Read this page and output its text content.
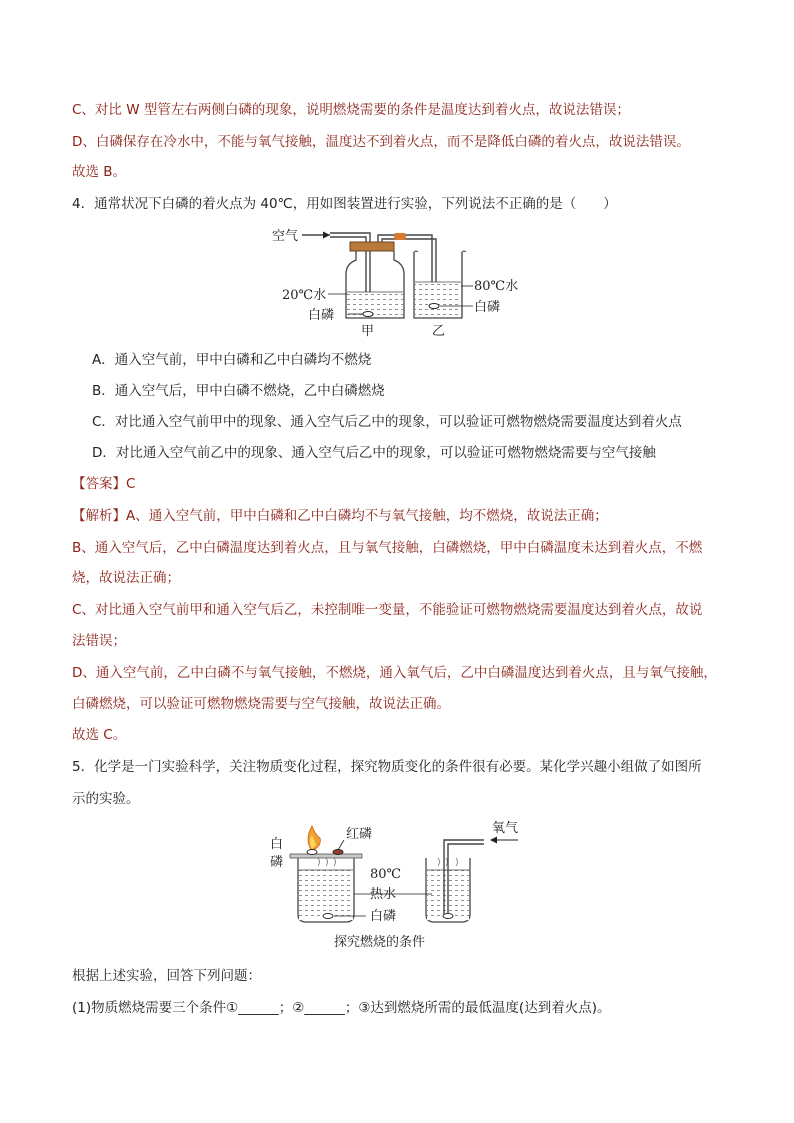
C、对比 W 型管左右两侧白磷的现象，说明燃烧需要的条件是温度达到着火点，故说法错误；
D、白磷保存在冷水中，不能与氧气接触，温度达不到着火点，而不是降低白磷的着火点，故说法错误。
故选 B。
4．通常状况下白磷的着火点为 40℃，用如图装置进行实验，下列说法不正确的是（　　）
空气
20℃水
白磷
甲
80℃水
白磷
乙
A．通入空气前，甲中白磷和乙中白磷均不燃烧
B．通入空气后，甲中白磷不燃烧，乙中白磷燃烧
C．对比通入空气前甲中的现象、通入空气后乙中的现象，可以验证可燃物燃烧需要温度达到着火点
D．对比通入空气前乙中的现象、通入空气后乙中的现象，可以验证可燃物燃烧需要与空气接触
【答案】C
【解析】A、通入空气前，甲中白磷和乙中白磷均不与氧气接触，均不燃烧，故说法正确；
B、通入空气后，乙中白磷温度达到着火点，且与氧气接触，白磷燃烧，甲中白磷温度未达到着火点，不燃
烧，故说法正确；
C、对比通入空气前甲和通入空气后乙，未控制唯一变量，不能验证可燃物燃烧需要温度达到着火点，故说
法错误；
D、通入空气前，乙中白磷不与氧气接触，不燃烧，通入氧气后，乙中白磷温度达到着火点，且与氧气接触，
白磷燃烧，可以验证可燃物燃烧需要与空气接触，故说法正确。
故选 C。
5．化学是一门实验科学，关注物质变化过程，探究物质变化的条件很有必要。某化学兴趣小组做了如图所
示的实验。
白
磷
红磷	氧气
80℃
热水
白磷
探究燃烧的条件
根据上述实验，回答下列问题：
(1)物质燃烧需要三个条件①______；②______；③达到燃烧所需的最低温度(达到着火点)。
